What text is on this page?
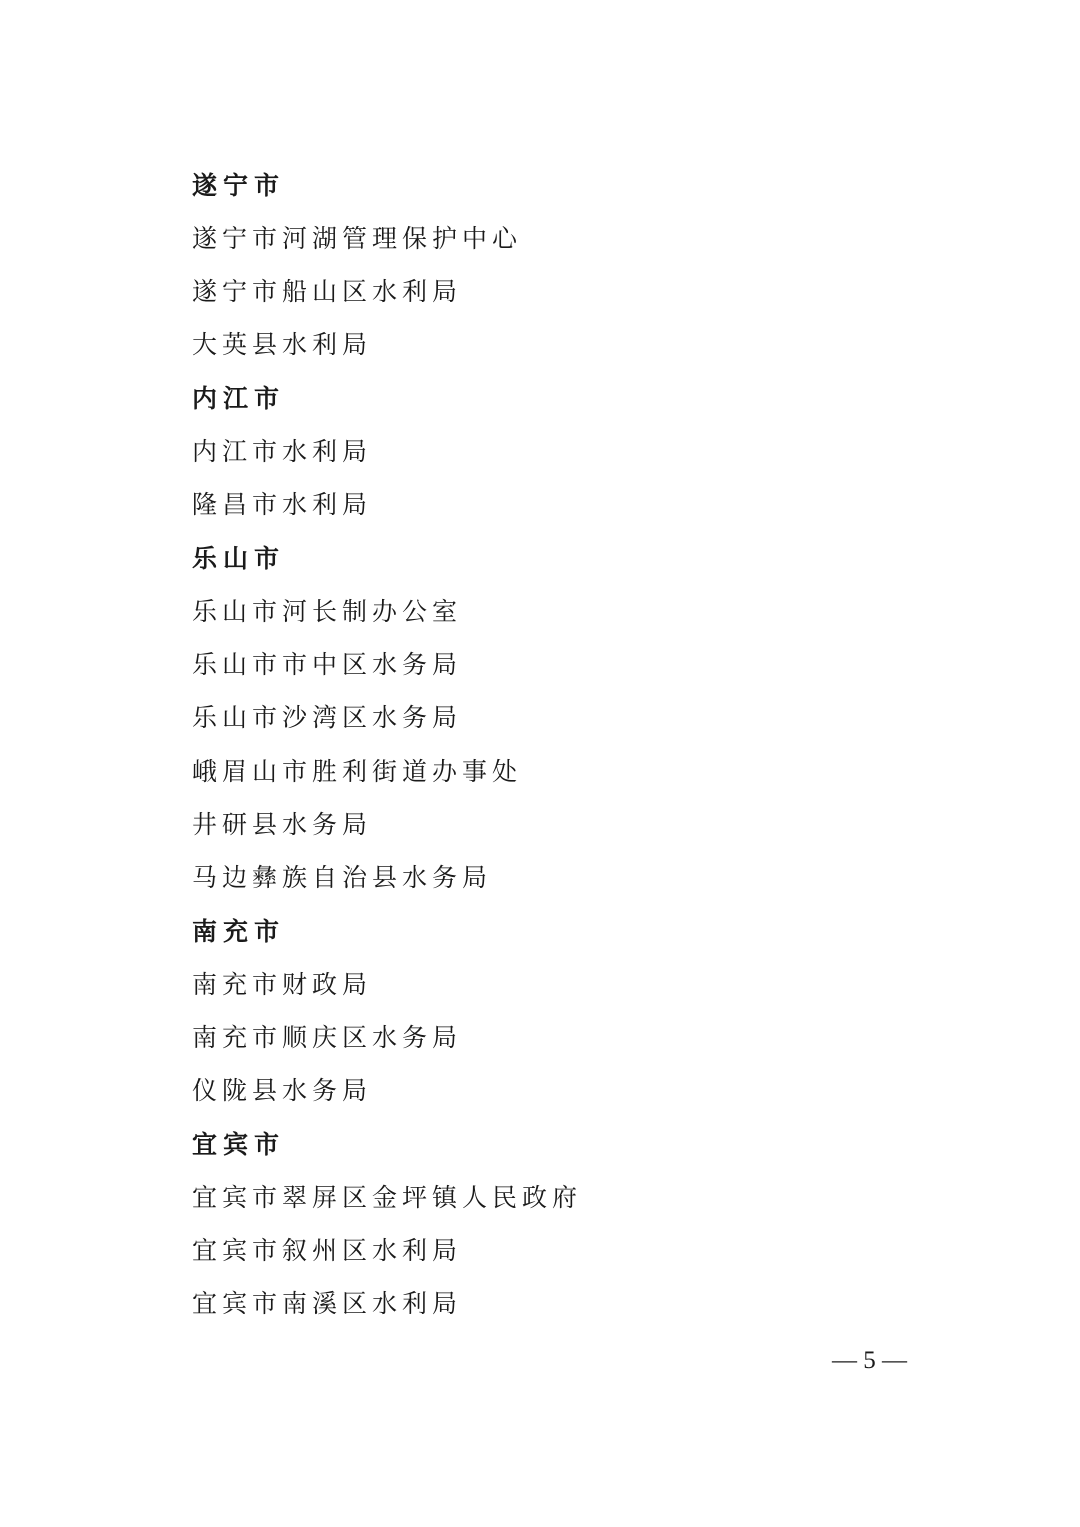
遂宁市
遂宁市河湖管理保护中心
遂宁市船山区水利局
大英县水利局
内江市
内江市水利局
隆昌市水利局
乐山市
乐山市河长制办公室
乐山市市中区水务局
乐山市沙湾区水务局
峨眉山市胜利街道办事处
井研县水务局
马边彝族自治县水务局
南充市
南充市财政局
南充市顺庆区水务局
仪陇县水务局
宜宾市
宜宾市翠屏区金坪镇人民政府
宜宾市叙州区水利局
宜宾市南溪区水利局
— 5 —
